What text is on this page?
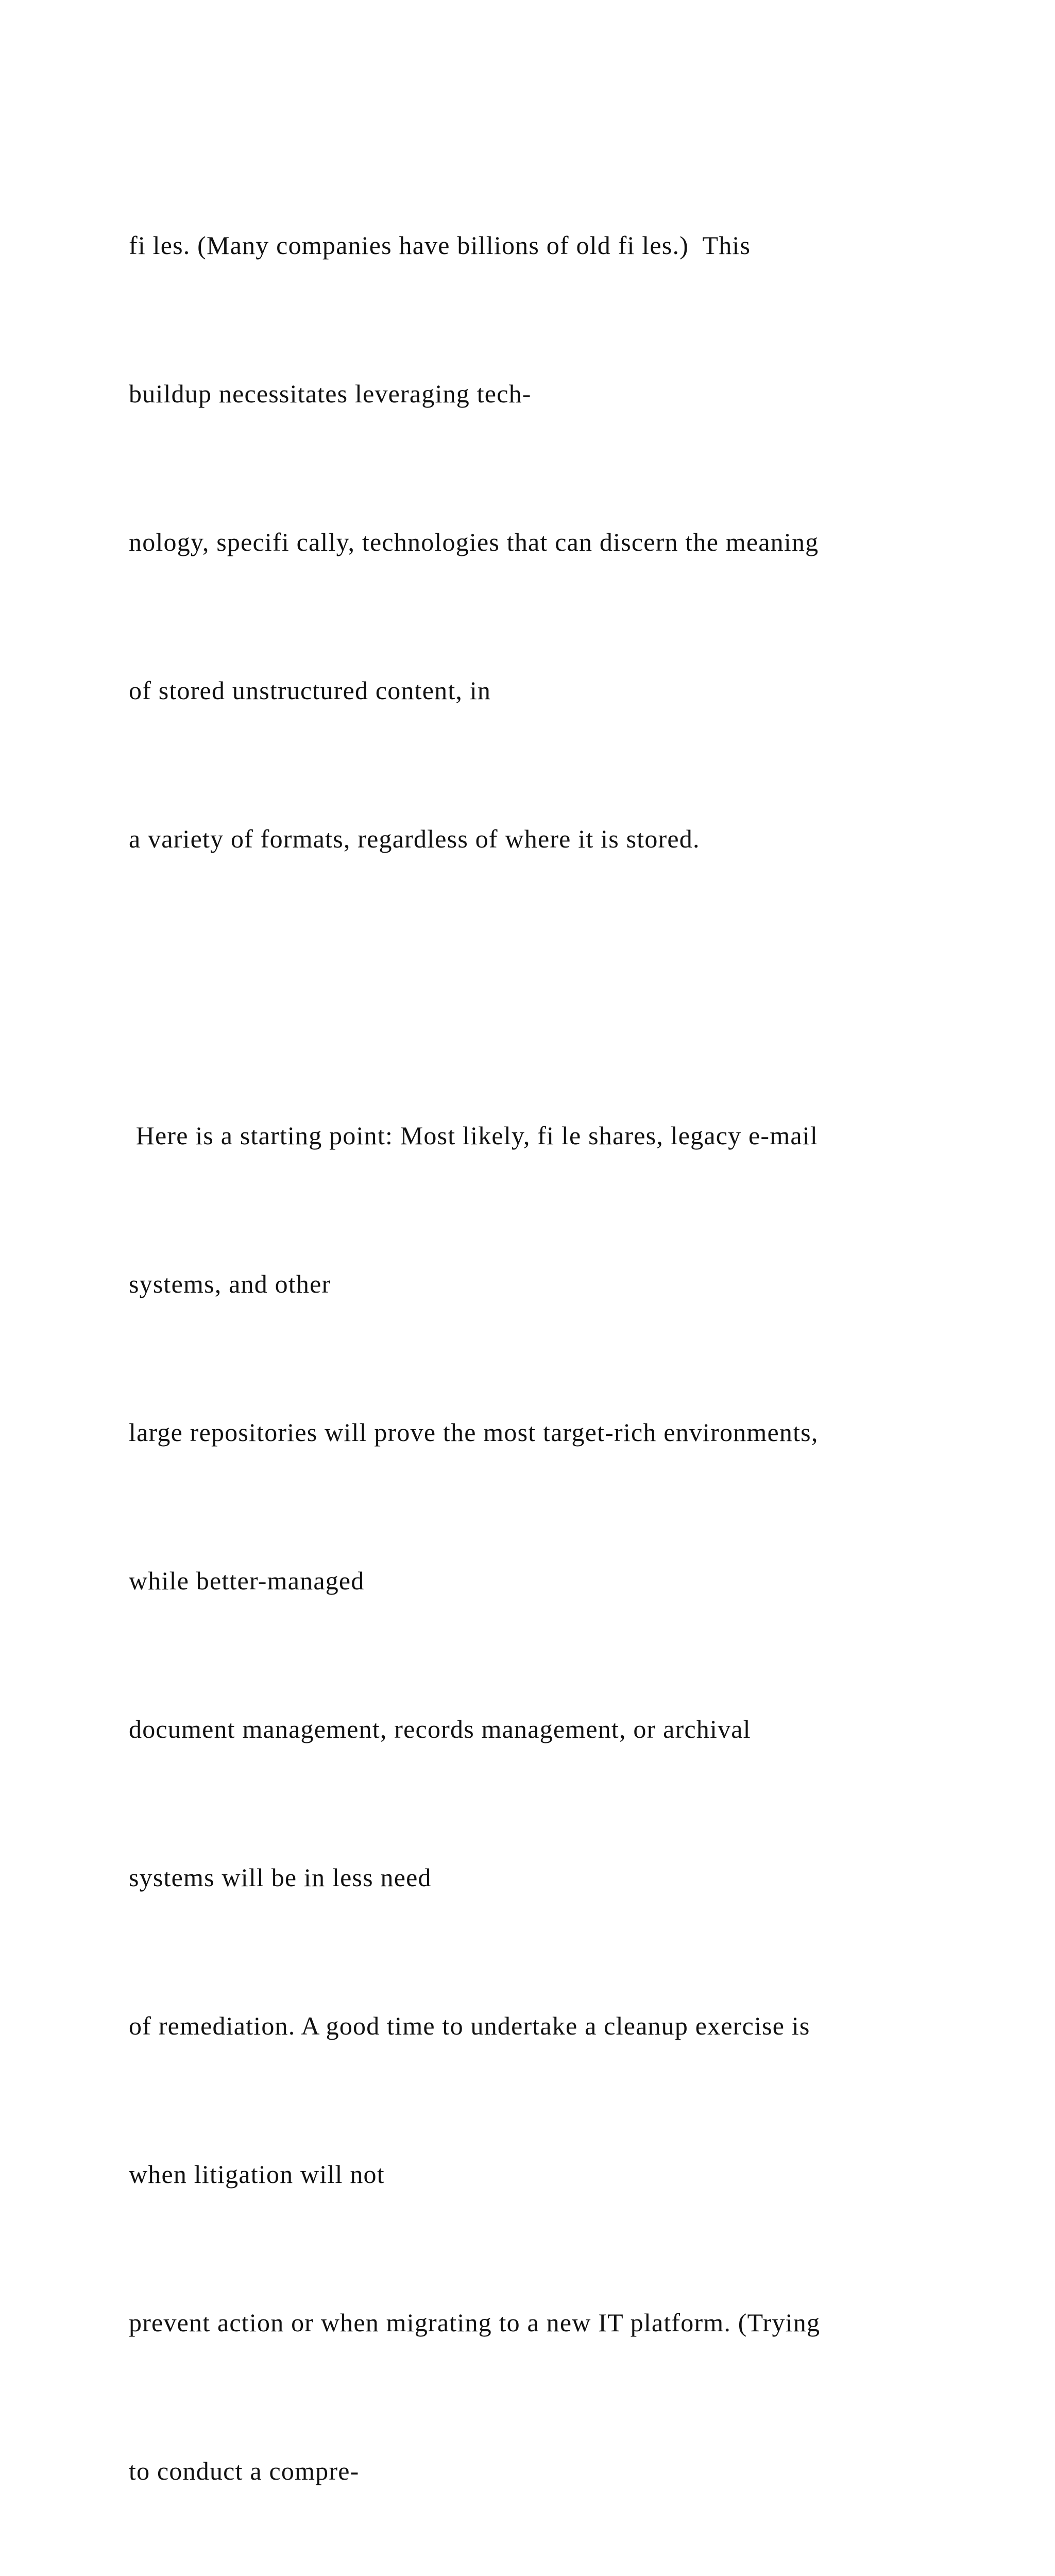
fi les. (Many companies have billions of old fi les.)  This

buildup necessitates leveraging tech-

nology, specifi cally, technologies that can discern the meaning

of stored unstructured content, in

a variety of formats, regardless of where it is stored.

Here is a starting point: Most likely, fi le shares, legacy e-mail

systems, and other

large repositories will prove the most target-rich environments,

while better-managed

document management, records management, or archival

systems will be in less need

of remediation. A good time to undertake a cleanup exercise is

when litigation will not

prevent action or when migrating to a new IT platform. (Trying

to conduct a compre-
